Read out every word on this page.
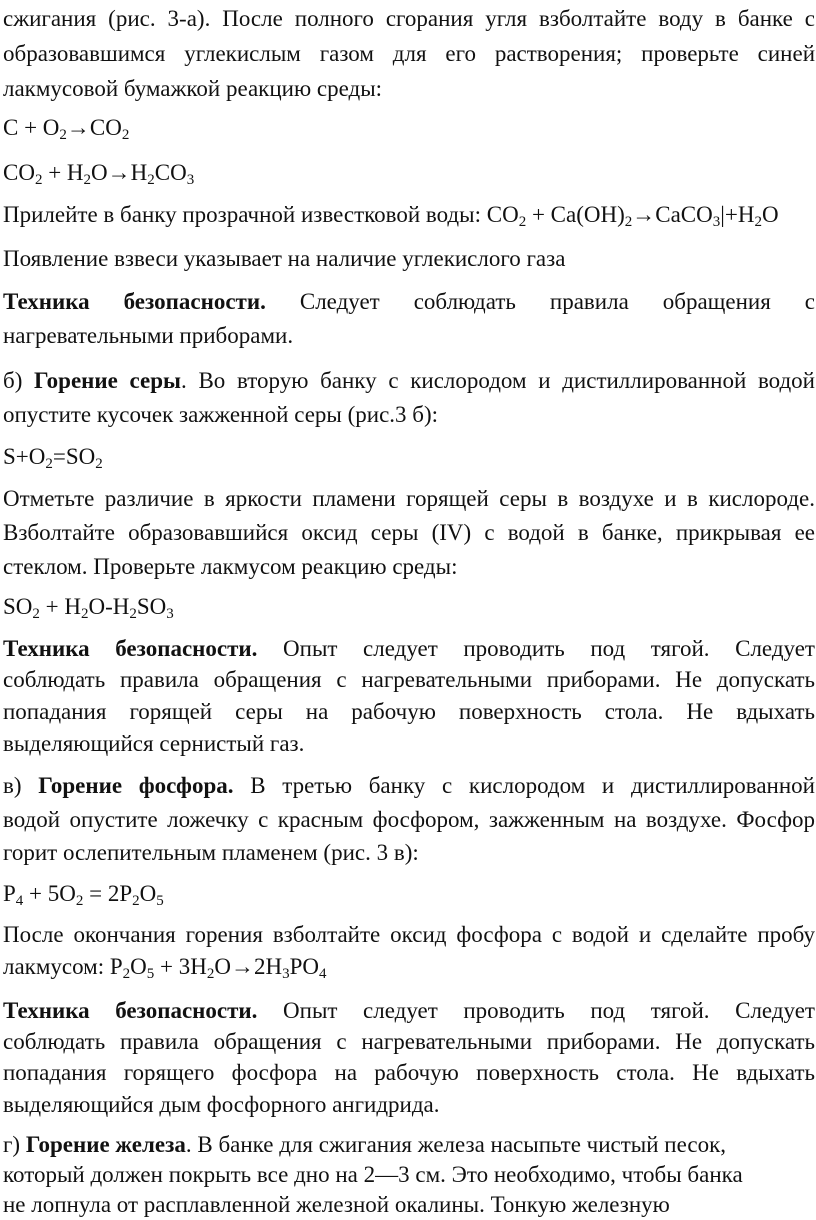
сжигания (рис. 3-а). После полного сгорания угля взболтайте воду в банке с

образовавшимся углекислым газом для его растворения; проверьте синей

лакмусовой бумажкой реакцию среды:

$C + O_2\to CO_2$

$CO_2 + H_2O\to H_2CO_3$

Прилейте в банку прозрачной известковой воды: $CO_2$ + $Ca(OH)_2\to CaCO_3|+H_2O$

Появление взвеси указывает на наличие углекислого газа

Техника безопасности. Следует соблюдать правила обращения с

нагревательными приборами.

б) Горение серы. Во вторую банку с кислородом и дистиллированной водой

опустите кусочек зажженной серы (рис.3 б):

$S+O_2=SO_2$

Отметьте различие в яркости пламени горящей серы в воздухе и в кислороде.

Взболтайте образовавшийся оксид серы (IV) с водой в банке, прикрывая ее

стеклом. Проверьте лакмусом реакцию среды:

$SO_2 + H_2O-H_2SO_3$

Техника безопасности. Опыт следует проводить под тягой. Следует

соблюдать правила обращения с нагревательными приборами. Не допускать

попадания горящей серы на рабочую поверхность стола. Не вдыхать

выделяющийся сернистый газ.

в) Горение фосфора. В третью банку с кислородом и дистиллированной

водой опустите ложечку с красным фосфором, зажженным на воздухе. Фосфор

горит ослепительным пламенем (рис. 3 в):

$P_4 + 5O_2 = 2P_2O_5$

После окончания горения взболтайте оксид фосфора с водой и сделайте пробу

лакмусом: $P_2O_5 + 3H_2O\to 2H_3PO_4$

Техника безопасности. Опыт следует проводить под тягой. Следует

соблюдать правила обращения с нагревательными приборами. Не допускать

попадания горящего фосфора на рабочую поверхность стола. Не вдыхать

выделяющийся дым фосфорного ангидрида.

г) Горение железа. В банке для сжигания железа насыпьте чистый песок,

который должен покрыть все дно на 2—3 см. Это необходимо, чтобы банка

не лопнула от расплавленной железной окалины. Тонкую железную
